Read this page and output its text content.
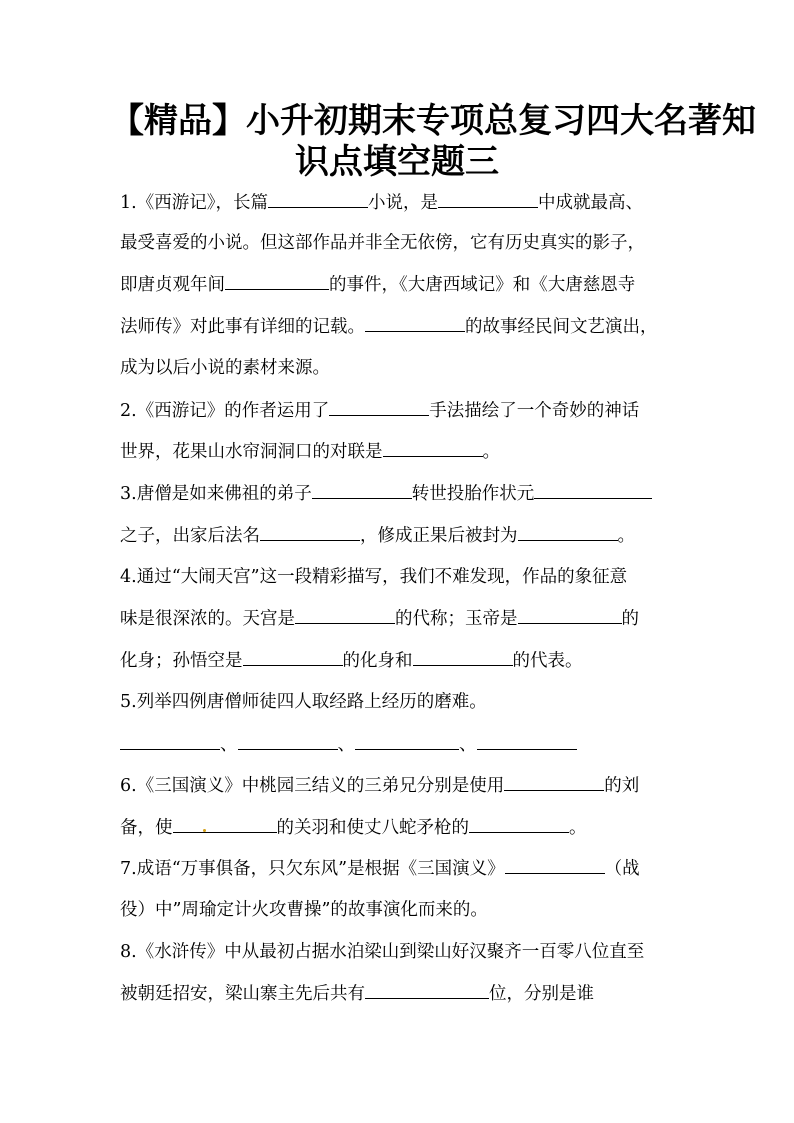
【精品】小升初期末专项总复习四大名著知
识点填空题三
1.《西游记》，长篇	小说，是	中成就最高、
最受喜爱的小说。但这部作品并非全无依傍，它有历史真实的影子，
即唐贞观年间	的事件，《大唐西域记》和《大唐慈恩寺
法师传》对此事有详细的记载。	的故事经民间文艺演出，
成为以后小说的素材来源。
2.《西游记》的作者运用了	手法描绘了一个奇妙的神话
世界，花果山水帘洞洞口的对联是	。
3.唐僧是如来佛祖的弟子	转世投胎作状元
之子，出家后法名	，修成正果后被封为	。
4.通过“大闹天宫”这一段精彩描写，我们不难发现，作品的象征意
味是很深浓的。天宫是	的代称；玉帝是	的
化身；孙悟空是	的化身和	的代表。
5.列举四例唐僧师徒四人取经路上经历的磨难。
、	、	、
6.《三国演义》中桃园三结义的三弟兄分别是使用	的刘
备，使	的关羽和使丈八蛇矛枪的	。
7.成语“万事俱备，只欠东风”是根据《三国演义》	（战
役）中”周瑜定计火攻曹操”的故事演化而来的。
8.《水浒传》中从最初占据水泊梁山到梁山好汉聚齐一百零八位直至
被朝廷招安，梁山寨主先后共有	位，分别是谁
